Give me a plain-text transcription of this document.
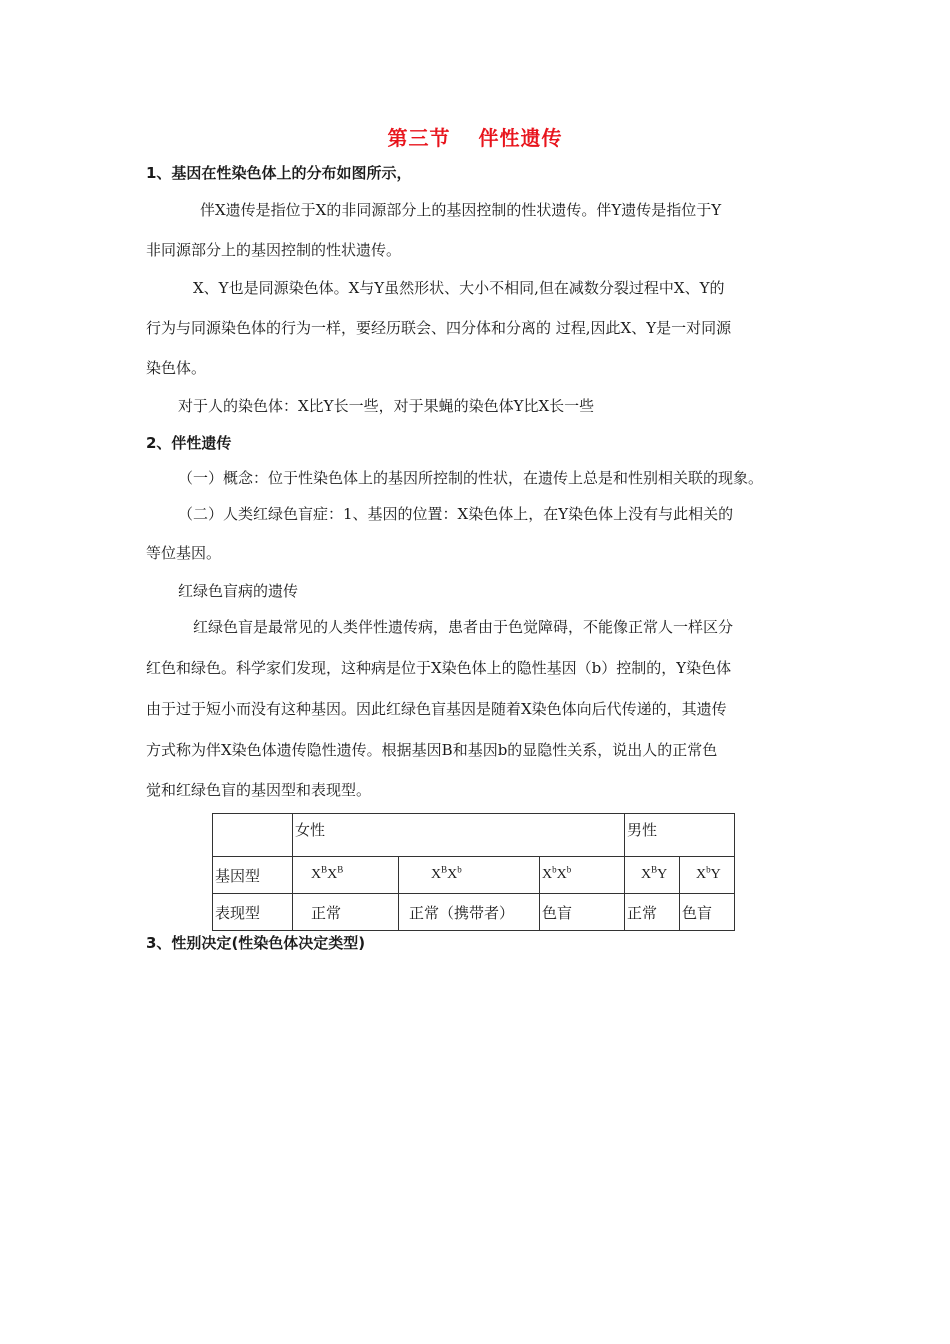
第三节 伴性遗传
1、基因在性染色体上的分布如图所示，
伴X遗传是指位于X的非同源部分上的基因控制的性状遗传。伴Y遗传是指位于Y
非同源部分上的基因控制的性状遗传。
X、Y也是同源染色体。X与Y虽然形状、大小不相同,但在减数分裂过程中X、Y的
行为与同源染色体的行为一样，要经历联会、四分体和分离的 过程,因此X、Y是一对同源
染色体。
对于人的染色体：X比Y长一些，对于果蝇的染色体Y比X长一些
2、伴性遗传
（一）概念：位于性染色体上的基因所控制的性状，在遗传上总是和性别相关联的现象。
（二）人类红绿色盲症：1、基因的位置：X染色体上，在Y染色体上没有与此相关的
等位基因。
红绿色盲病的遗传
红绿色盲是最常见的人类伴性遗传病，患者由于色觉障碍，不能像正常人一样区分
红色和绿色。科学家们发现，这种病是位于X染色体上的隐性基因（b）控制的，Y染色体
由于过于短小而没有这种基因。因此红绿色盲基因是随着X染色体向后代传递的，其遗传
方式称为伴X染色体遗传隐性遗传。根据基因B和基因b的显隐性关系，说出人的正常色
觉和红绿色盲的基因型和表现型。
	女性			男性	
基因型	$X^BX^B$	$X^BX^b$	$X^bX^b$	$X^BY$	$X^bY$
表现型	正常	正常（携带者）	色盲	正常	色盲
3、性别决定(性染色体决定类型)
